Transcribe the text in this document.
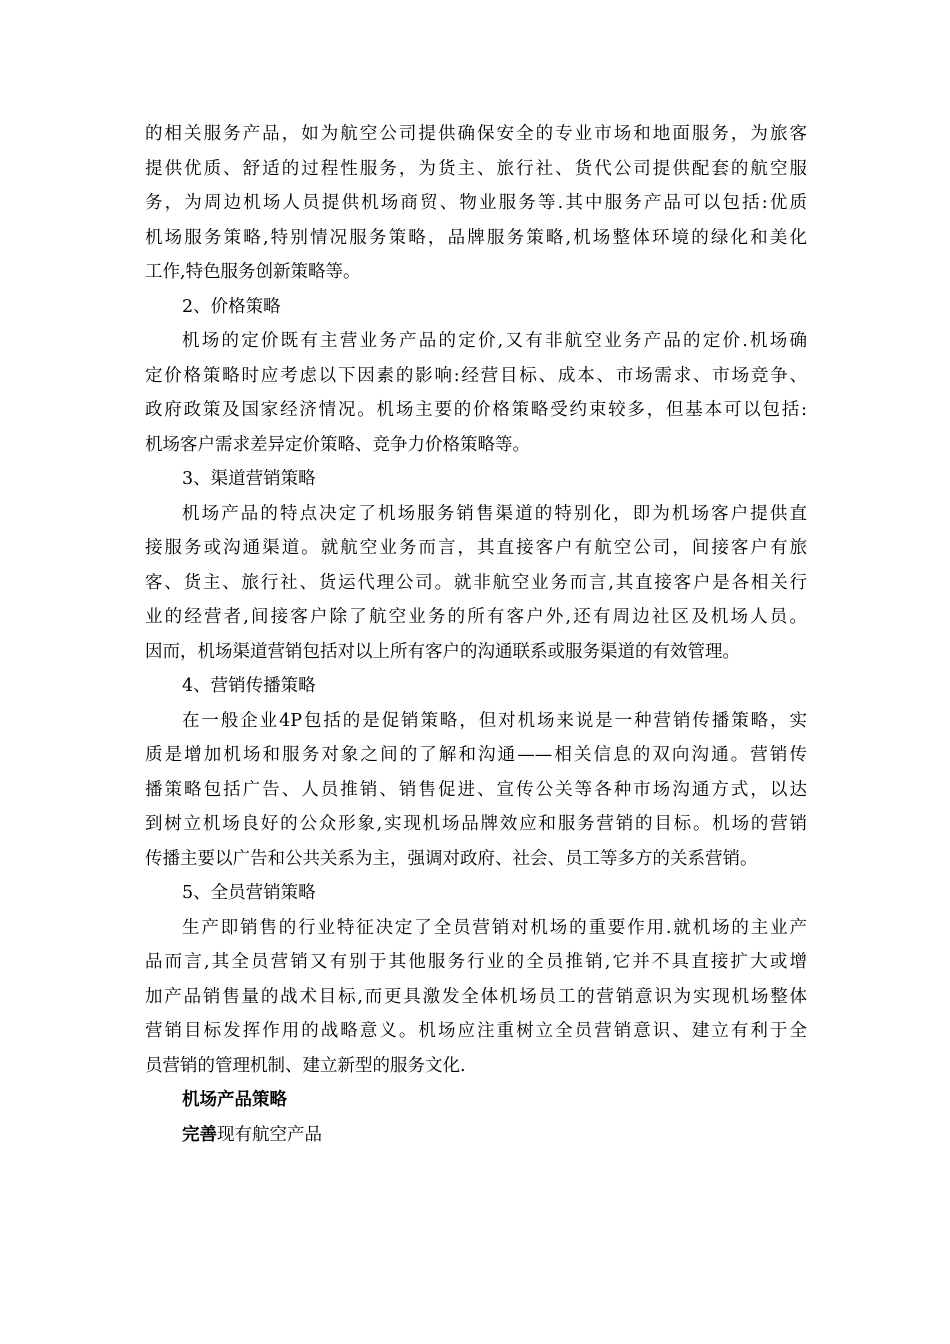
的相关服务产品，如为航空公司提供确保安全的专业市场和地面服务，为旅客
提供优质、舒适的过程性服务，为货主、旅行社、货代公司提供配套的航空服
务，为周边机场人员提供机场商贸、物业服务等.其中服务产品可以包括:优质
机场服务策略,特别情况服务策略，品牌服务策略,机场整体环境的绿化和美化
工作,特色服务创新策略等。
2、价格策略
机场的定价既有主营业务产品的定价,又有非航空业务产品的定价.机场确
定价格策略时应考虑以下因素的影响:经营目标、成本、市场需求、市场竞争、
政府政策及国家经济情况。机场主要的价格策略受约束较多，但基本可以包括:
机场客户需求差异定价策略、竞争力价格策略等。
3、渠道营销策略
机场产品的特点决定了机场服务销售渠道的特别化，即为机场客户提供直
接服务或沟通渠道。就航空业务而言，其直接客户有航空公司，间接客户有旅
客、货主、旅行社、货运代理公司。就非航空业务而言,其直接客户是各相关行
业的经营者,间接客户除了航空业务的所有客户外,还有周边社区及机场人员。
因而，机场渠道营销包括对以上所有客户的沟通联系或服务渠道的有效管理。
4、营销传播策略
在一般企业4P包括的是促销策略，但对机场来说是一种营销传播策略，实
质是增加机场和服务对象之间的了解和沟通——相关信息的双向沟通。营销传
播策略包括广告、人员推销、销售促进、宣传公关等各种市场沟通方式，以达
到树立机场良好的公众形象,实现机场品牌效应和服务营销的目标。机场的营销
传播主要以广告和公共关系为主，强调对政府、社会、员工等多方的关系营销。
5、全员营销策略
生产即销售的行业特征决定了全员营销对机场的重要作用.就机场的主业产
品而言,其全员营销又有别于其他服务行业的全员推销,它并不具直接扩大或增
加产品销售量的战术目标,而更具激发全体机场员工的营销意识为实现机场整体
营销目标发挥作用的战略意义。机场应注重树立全员营销意识、建立有利于全
员营销的管理机制、建立新型的服务文化.
机场产品策略
完善现有航空产品
